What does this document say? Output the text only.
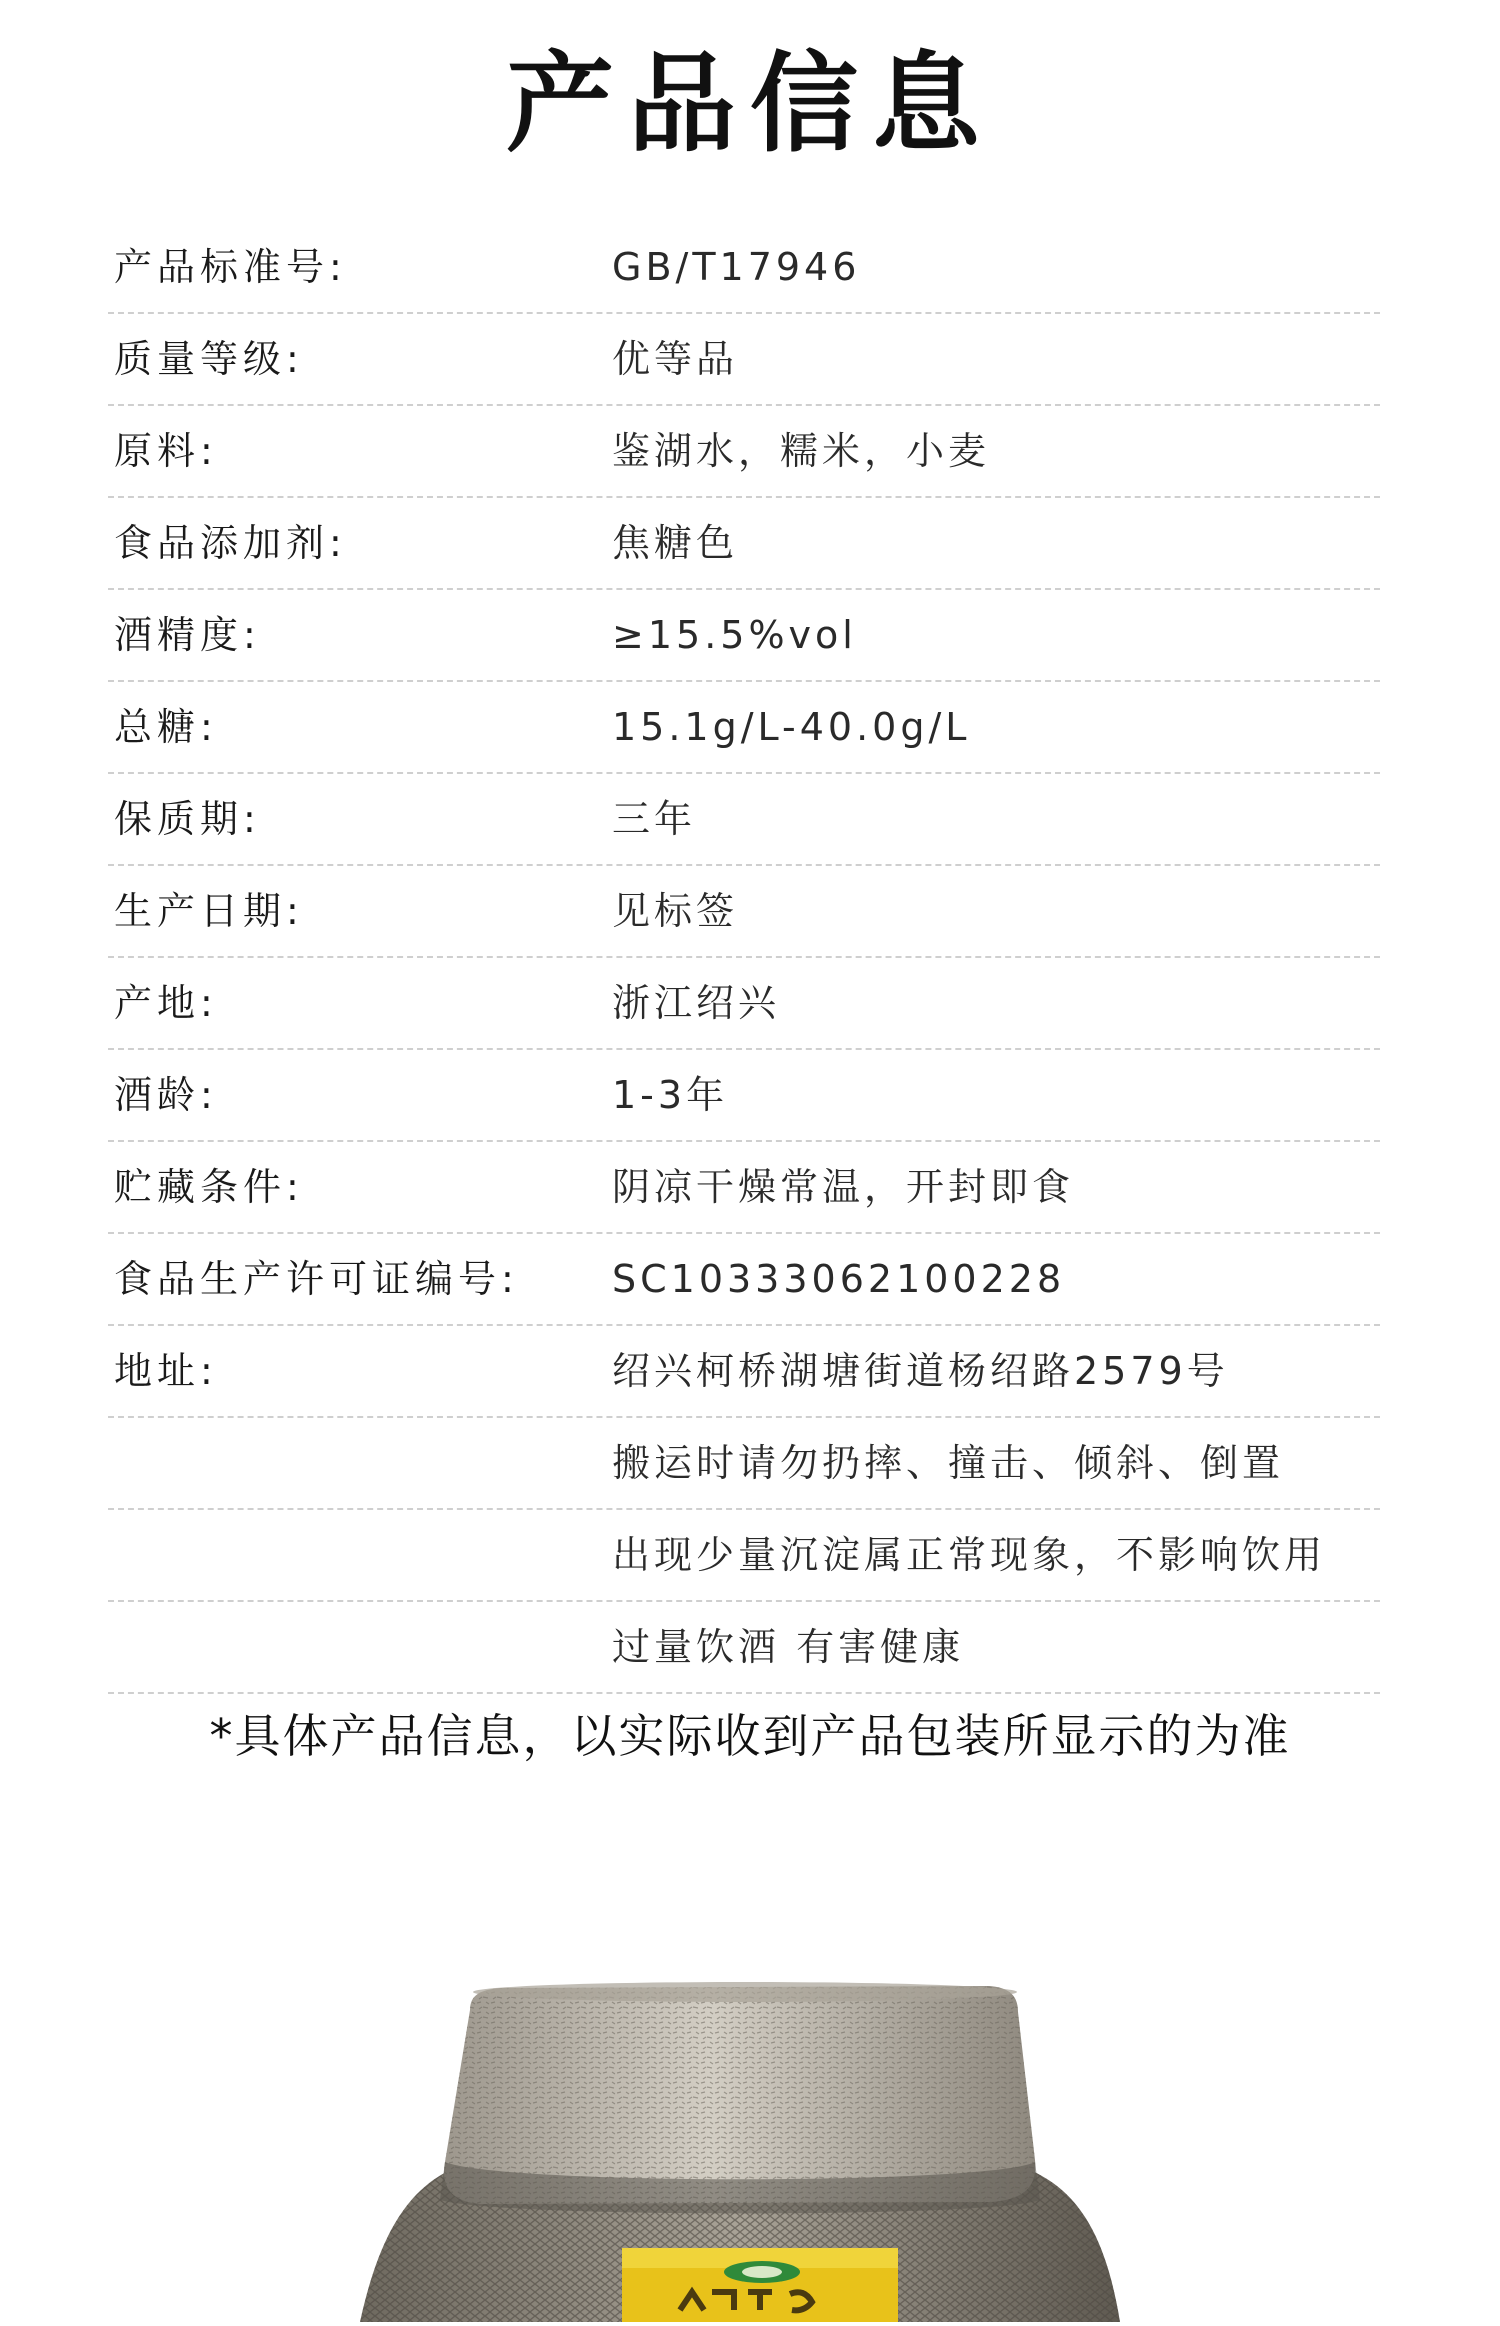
产品信息
产品标准号:	GB/T17946
质量等级:	优等品
原料:	鉴湖水，糯米，小麦
食品添加剂:	焦糖色
酒精度:	≥15.5%vol
总糖:	15.1g/L-40.0g/L
保质期:	三年
生产日期:	见标签
产地:	浙江绍兴
酒龄:	1-3年
贮藏条件:	阴凉干燥常温，开封即食
食品生产许可证编号: SC10333062100228
地址:	绍兴柯桥湖塘街道杨绍路2579号
搬运时请勿扔摔、撞击、倾斜、倒置
出现少量沉淀属正常现象，不影响饮用
过量饮酒 有害健康
*具体产品信息，以实际收到产品包装所显示的为准
